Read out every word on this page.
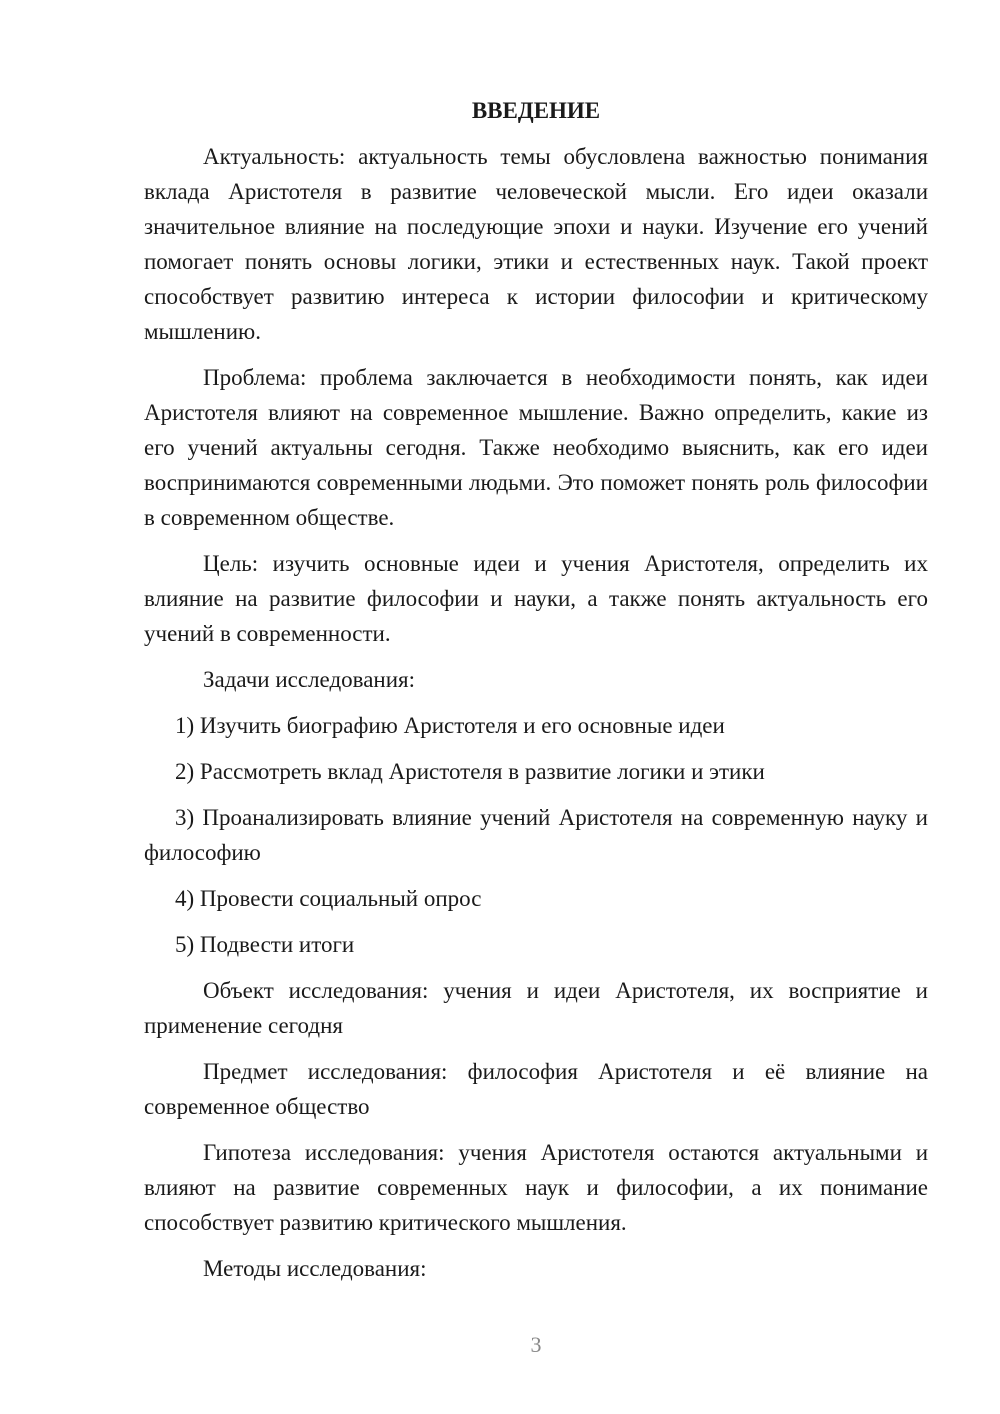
ВВЕДЕНИЕ

Актуальность: актуальность темы обусловлена важностью понимания вклада Аристотеля в развитие человеческой мысли. Его идеи оказали значительное влияние на последующие эпохи и науки. Изучение его учений помогает понять основы логики, этики и естественных наук. Такой проект способствует развитию интереса к истории философии и критическому мышлению.

Проблема: проблема заключается в необходимости понять, как идеи Аристотеля влияют на современное мышление. Важно определить, какие из его учений актуальны сегодня. Также необходимо выяснить, как его идеи воспринимаются современными людьми. Это поможет понять роль философии в современном обществе.

Цель: изучить основные идеи и учения Аристотеля, определить их влияние на развитие философии и науки, а также понять актуальность его учений в современности.

Задачи исследования:

1) Изучить биографию Аристотеля и его основные идеи

2) Рассмотреть вклад Аристотеля в развитие логики и этики

3) Проанализировать влияние учений Аристотеля на современную науку и философию

4) Провести социальный опрос

5) Подвести итоги

Объект исследования: учения и идеи Аристотеля, их восприятие и применение сегодня

Предмет исследования: философия Аристотеля и её влияние на современное общество

Гипотеза исследования: учения Аристотеля остаются актуальными и влияют на развитие современных наук и философии, а их понимание способствует развитию критического мышления.

Методы исследования:

3
